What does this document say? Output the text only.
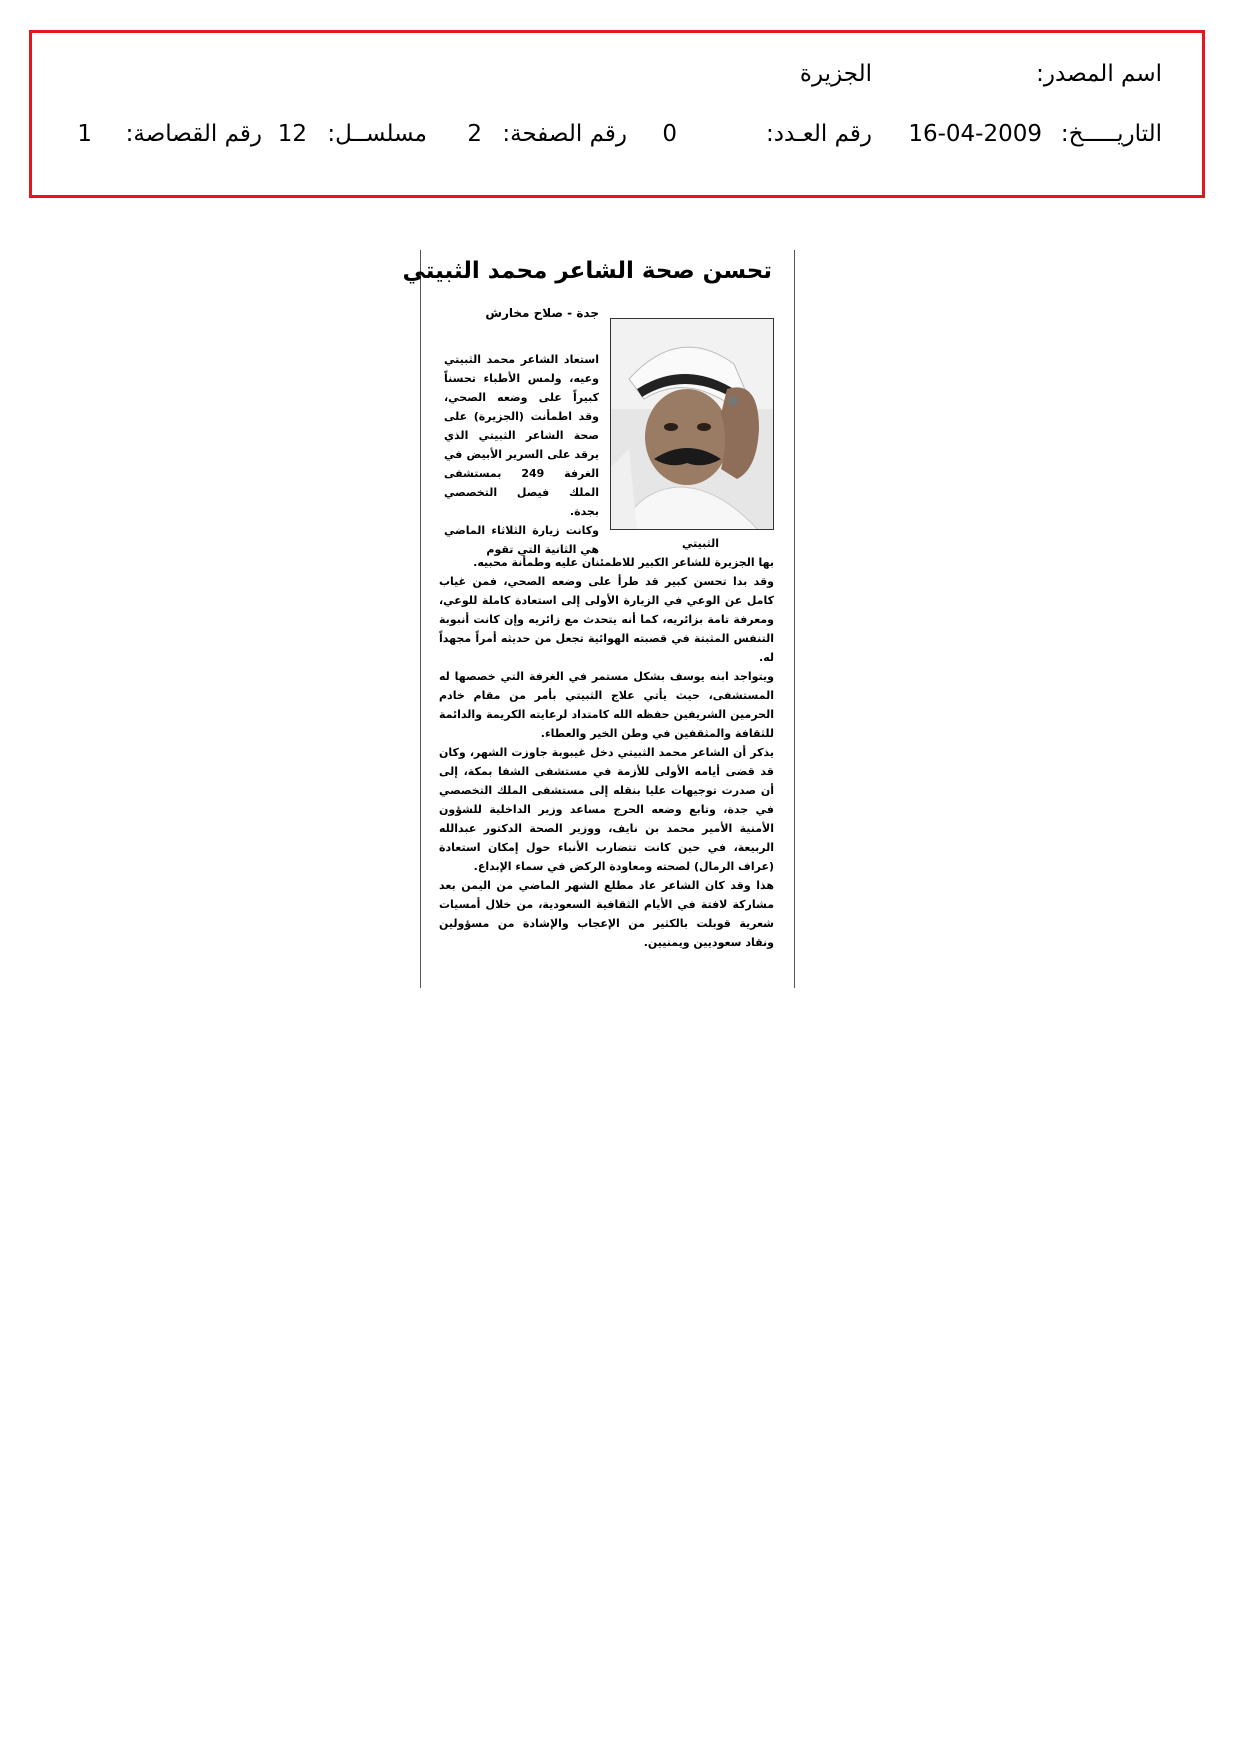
اسم المصدر:
الجزيرة
التاريـــــخ:
16-04-2009
رقم العـدد:
0
رقم الصفحة:
2
مسلســل:
12
رقم القصاصة:
1
تحسن صحة الشاعر محمد الثبيتي
جدة - صلاح مخارش
الثبيتي

استعاد الشاعر محمد الثبيتي وعيه، ولمس الأطباء تحسناً كبيراً على وضعه الصحي، وقد اطمأنت (الجزيرة) على صحة الشاعر الثبيتي الذي يرقد على السرير الأبيض في الغرفة 249 بمستشفى الملك فيصل التخصصي بجدة.

وكانت زيارة الثلاثاء الماضي هي الثانية التي تقوم

بها الجزيرة للشاعر الكبير للاطمئنان عليه وطمأنة محبيه.

وقد بدا تحسن كبير قد طرأ على وضعه الصحي، فمن غياب كامل عن الوعي في الزيارة الأولى إلى استعادة كاملة للوعي، ومعرفة تامة بزائريه، كما أنه يتحدث مع زائريه وإن كانت أنبوبة التنفس المثبتة في قصبته الهوائية تجعل من حديثه أمراً مجهداً له.

ويتواجد ابنه يوسف بشكل مستمر في الغرفة التي خصصها له المستشفى، حيث يأتي علاج الثبيتي بأمر من مقام خادم الحرمين الشريفين حفظه الله كامتداد لرعايته الكريمة والدائمة للثقافة والمثقفين في وطن الخير والعطاء.

يذكر أن الشاعر محمد الثبيتي دخل غيبوبة جاوزت الشهر، وكان قد قضى أيامه الأولى للأزمة في مستشفى الشفا بمكة، إلى أن صدرت توجيهات عليا بنقله إلى مستشفى الملك التخصصي في جدة، وتابع وضعه الحرج مساعد وزير الداخلية للشؤون الأمنية الأمير محمد بن نايف، ووزير الصحة الدكتور عبدالله الربيعة، في حين كانت تتضارب الأنباء حول إمكان استعادة (عراف الرمال) لصحته ومعاودة الركض في سماء الإبداع.

هذا وقد كان الشاعر عاد مطلع الشهر الماضي من اليمن بعد مشاركة لافتة في الأيام الثقافية السعودية، من خلال أمسيات شعرية قوبلت بالكثير من الإعجاب والإشادة من مسؤولين ونقاد سعوديين ويمنيين.
